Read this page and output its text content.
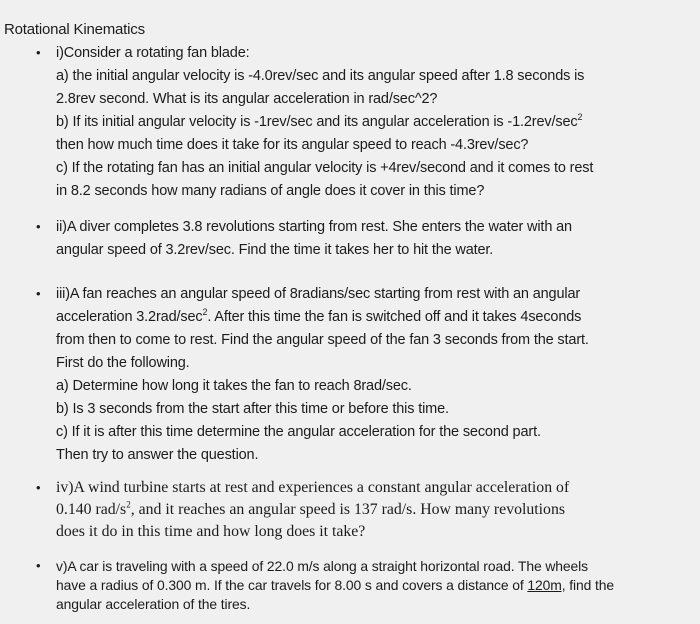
Rotational Kinematics
• i)Consider a rotating fan blade:
a) the initial angular velocity is -4.0rev/sec and its angular speed after 1.8 seconds is
2.8rev second. What is its angular acceleration in rad/sec^2?
b) If its initial angular velocity is -1rev/sec and its angular acceleration is $-1.2rev/\sec^2$
then how much time does it take for its angular speed to reach -4.3rev/sec?
c) If the rotating fan has an initial angular velocity is +4rev/second and it comes to rest
in 8.2 seconds how many radians of angle does it cover in this time?
• ii)A diver completes 3.8 revolutions starting from rest. She enters the water with an
angular speed of 3.2rev/sec. Find the time it takes her to hit the water.
• iii)A fan reaches an angular speed of 8radians/sec starting from rest with an angular
acceleration $3.2rad/\sec^2$. After this time the fan is switched off and it takes 4seconds
from then to come to rest. Find the angular speed of the fan 3 seconds from the start.
First do the following.
a) Determine how long it takes the fan to reach 8rad/sec.
b) Is 3 seconds from the start after this time or before this time.
c) If it is after this time determine the angular acceleration for the second part.
Then try to answer the question.
• iv)A wind turbine starts at rest and experiences a constant angular acceleration of
0.140 rad/$s^2$, and it reaches an angular speed is 137 rad/s. How many revolutions
does it do in this time and how long does it take?
• v)A car is traveling with a speed of 22.0 m/s along a straight horizontal road. The wheels
have a radius of 0.300 m. If the car travels for 8.00 s and covers a distance of 120m, find the
angular acceleration of the tires.
